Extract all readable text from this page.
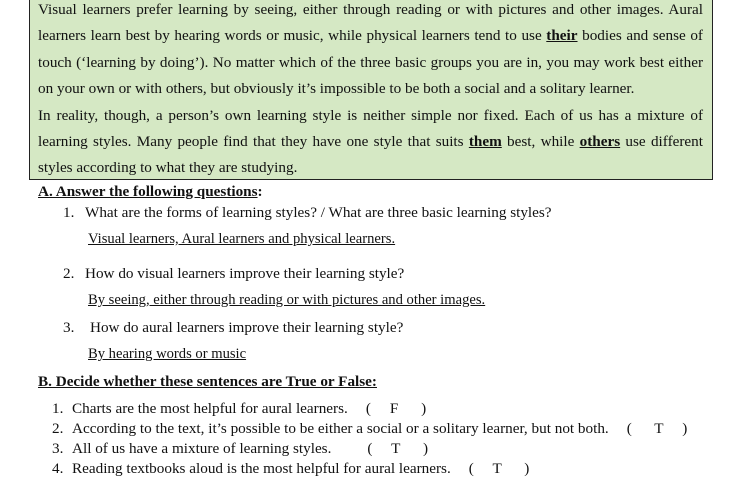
Visual learners prefer learning by seeing, either through reading or with pictures and other images. Aural learners learn best by hearing words or music, while physical learners tend to use their bodies and sense of touch (‘learning by doing’). No matter which of the three basic groups you are in, you may work best either on your own or with others, but obviously it’s impossible to be both a social and a solitary learner.

In reality, though, a person’s own learning style is neither simple nor fixed. Each of us has a mixture of learning styles. Many people find that they have one style that suits them best, while others use different styles according to what they are studying.

A. Answer the following questions:
1. What are the forms of learning styles? / What are three basic learning styles?
Visual learners, Aural learners and physical learners.
2. How do visual learners improve their learning style?
By seeing, either through reading or with pictures and other images.
3. How do aural learners improve their learning style?
By hearing words or music
B. Decide whether these sentences are True or False:
1. Charts are the most helpful for aural learners. (     F      )
2. According to the text, it’s possible to be either a social or a solitary learner, but not both. (      T     )
3. All of us have a mixture of learning styles. (     T      )
4. Reading textbooks aloud is the most helpful for aural learners. (     T      )
